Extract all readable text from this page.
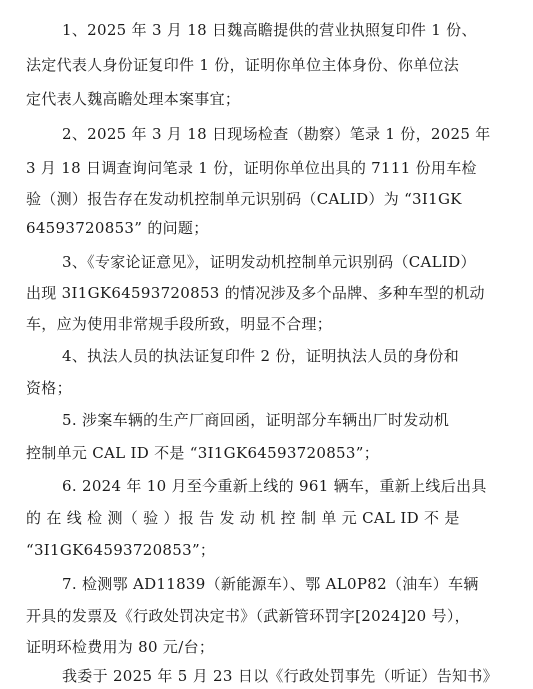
1、2025 年 3 月 18 日魏高瞻提供的营业执照复印件 1 份、
法定代表人身份证复印件 1 份，证明你单位主体身份、你单位法
定代表人魏高瞻处理本案事宜；
2、2025 年 3 月 18 日现场检查（勘察）笔录 1 份，2025 年
3 月 18 日调查询问笔录 1 份，证明你单位出具的 7111 份用车检
验（测）报告存在发动机控制单元识别码（CALID）为 “3I1GK
64593720853” 的问题；
3、《专家论证意见》，证明发动机控制单元识别码（CALID）
出现 3I1GK64593720853 的情况涉及多个品牌、多种车型的机动
车，应为使用非常规手段所致，明显不合理；
4、执法人员的执法证复印件 2 份，证明执法人员的身份和
资格；
5. 涉案车辆的生产厂商回函，证明部分车辆出厂时发动机
控制单元 CAL ID 不是 “3I1GK64593720853”；
6. 2024 年 10 月至今重新上线的 961 辆车，重新上线后出具
的 在 线 检 测（ 验 ）报 告 发 动 机 控 制 单 元 CAL ID 不 是
“3I1GK64593720853”；
7. 检测鄂 AD11839（新能源车）、鄂 AL0P82（油车）车辆
开具的发票及《行政处罚决定书》（武新管环罚字[2024]20 号），
证明环检费用为 80 元/台；
我委于 2025 年 5 月 23 日以《行政处罚事先（听证）告知书》
